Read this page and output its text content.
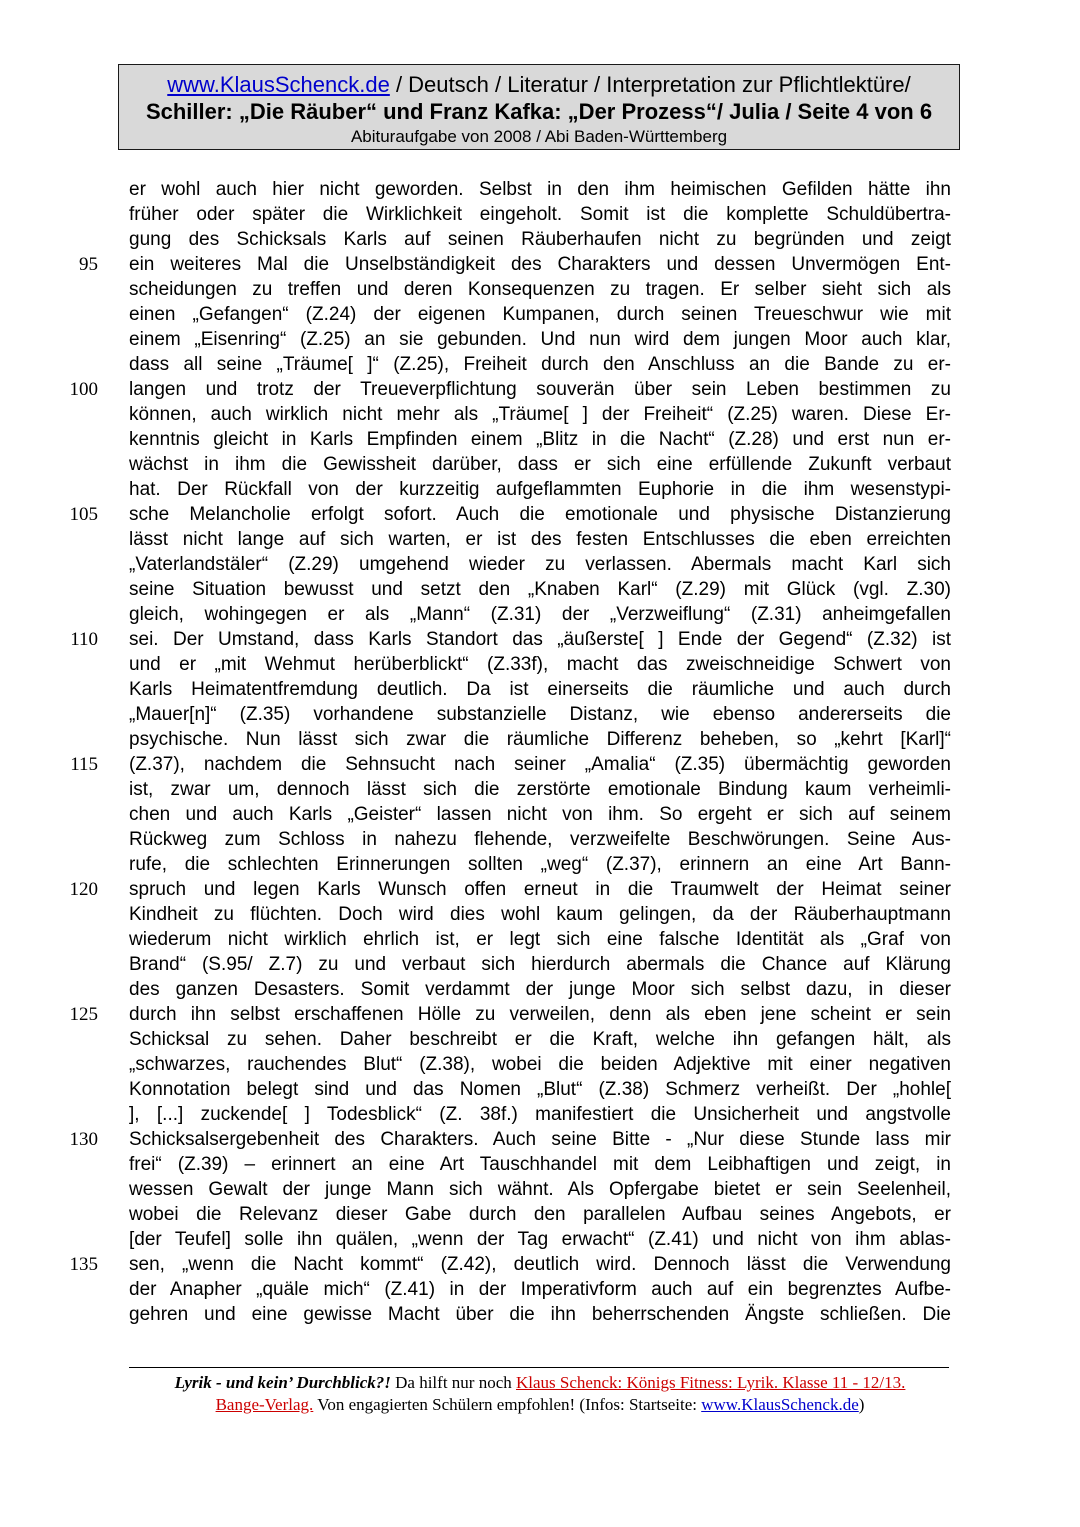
www.KlausSchenck.de / Deutsch / Literatur / Interpretation zur Pflichtlektüre/
Schiller: „Die Räuber“ und Franz Kafka: „Der Prozess“/ Julia / Seite 4 von 6
Abituraufgabe von 2008 / Abi Baden-Württemberg
95
100
105
110
115
120
125
130
135
er wohl auch hier nicht geworden. Selbst in den ihm heimischen Gefilden hätte ihn
früher oder später die Wirklichkeit eingeholt. Somit ist die komplette Schuldübertra-
gung des Schicksals Karls auf seinen Räuberhaufen nicht zu begründen und zeigt
ein weiteres Mal die Unselbständigkeit des Charakters und dessen Unvermögen Ent-
scheidungen zu treffen und deren Konsequenzen zu tragen. Er selber sieht sich als
einen „Gefangen“ (Z.24) der eigenen Kumpanen, durch seinen Treueschwur wie mit
einem „Eisenring“ (Z.25) an sie gebunden. Und nun wird dem jungen Moor auch klar,
dass all seine „Träume[ ]“ (Z.25), Freiheit durch den Anschluss an die Bande zu er-
langen und trotz der Treueverpflichtung souverän über sein Leben bestimmen zu
können, auch wirklich nicht mehr als „Träume[ ] der Freiheit“ (Z.25) waren. Diese Er-
kenntnis gleicht in Karls Empfinden einem „Blitz in die Nacht“ (Z.28) und erst nun er-
wächst in ihm die Gewissheit darüber, dass er sich eine erfüllende Zukunft verbaut
hat. Der Rückfall von der kurzzeitig aufgeflammten Euphorie in die ihm wesenstypi-
sche Melancholie erfolgt sofort. Auch die emotionale und physische Distanzierung
lässt nicht lange auf sich warten, er ist des festen Entschlusses die eben erreichten
„Vaterlandstäler“ (Z.29) umgehend wieder zu verlassen. Abermals macht Karl sich
seine Situation bewusst und setzt den „Knaben Karl“ (Z.29) mit Glück (vgl. Z.30)
gleich, wohingegen er als „Mann“ (Z.31) der „Verzweiflung“ (Z.31) anheimgefallen
sei. Der Umstand, dass Karls Standort das „äußerste[ ] Ende der Gegend“ (Z.32) ist
und er „mit Wehmut herüberblickt“ (Z.33f), macht das zweischneidige Schwert von
Karls Heimatentfremdung deutlich. Da ist einerseits die räumliche und auch durch
„Mauer[n]“ (Z.35) vorhandene substanzielle Distanz, wie ebenso andererseits die
psychische. Nun lässt sich zwar die räumliche Differenz beheben, so „kehrt [Karl]“
(Z.37), nachdem die Sehnsucht nach seiner „Amalia“ (Z.35) übermächtig geworden
ist, zwar um, dennoch lässt sich die zerstörte emotionale Bindung kaum verheimli-
chen und auch Karls „Geister“ lassen nicht von ihm. So ergeht er sich auf seinem
Rückweg zum Schloss in nahezu flehende, verzweifelte Beschwörungen. Seine Aus-
rufe, die schlechten Erinnerungen sollten „weg“ (Z.37), erinnern an eine Art Bann-
spruch und legen Karls Wunsch offen erneut in die Traumwelt der Heimat seiner
Kindheit zu flüchten. Doch wird dies wohl kaum gelingen, da der Räuberhauptmann
wiederum nicht wirklich ehrlich ist, er legt sich eine falsche Identität als „Graf von
Brand“ (S.95/ Z.7) zu und verbaut sich hierdurch abermals die Chance auf Klärung
des ganzen Desasters. Somit verdammt der junge Moor sich selbst dazu, in dieser
durch ihn selbst erschaffenen Hölle zu verweilen, denn als eben jene scheint er sein
Schicksal zu sehen. Daher beschreibt er die Kraft, welche ihn gefangen hält, als
„schwarzes, rauchendes Blut“ (Z.38), wobei die beiden Adjektive mit einer negativen
Konnotation belegt sind und das Nomen „Blut“ (Z.38) Schmerz verheißt. Der „hohle[
], [...] zuckende[ ] Todesblick“ (Z. 38f.) manifestiert die Unsicherheit und angstvolle
Schicksalsergebenheit des Charakters. Auch seine Bitte - „Nur diese Stunde lass mir
frei“ (Z.39) – erinnert an eine Art Tauschhandel mit dem Leibhaftigen und zeigt, in
wessen Gewalt der junge Mann sich wähnt. Als Opfergabe bietet er sein Seelenheil,
wobei die Relevanz dieser Gabe durch den parallelen Aufbau seines Angebots, er
[der Teufel] solle ihn quälen, „wenn der Tag erwacht“ (Z.41) und nicht von ihm ablas-
sen, „wenn die Nacht kommt“ (Z.42), deutlich wird. Dennoch lässt die Verwendung
der Anapher „quäle mich“ (Z.41) in der Imperativform auch auf ein begrenztes Aufbe-
gehren und eine gewisse Macht über die ihn beherrschenden Ängste schließen. Die
Lyrik - und kein’ Durchblick?! Da hilft nur noch Klaus Schenck: Königs Fitness: Lyrik. Klasse 11 - 12/13.
Bange-Verlag. Von engagierten Schülern empfohlen! (Infos: Startseite: www.KlausSchenck.de)
